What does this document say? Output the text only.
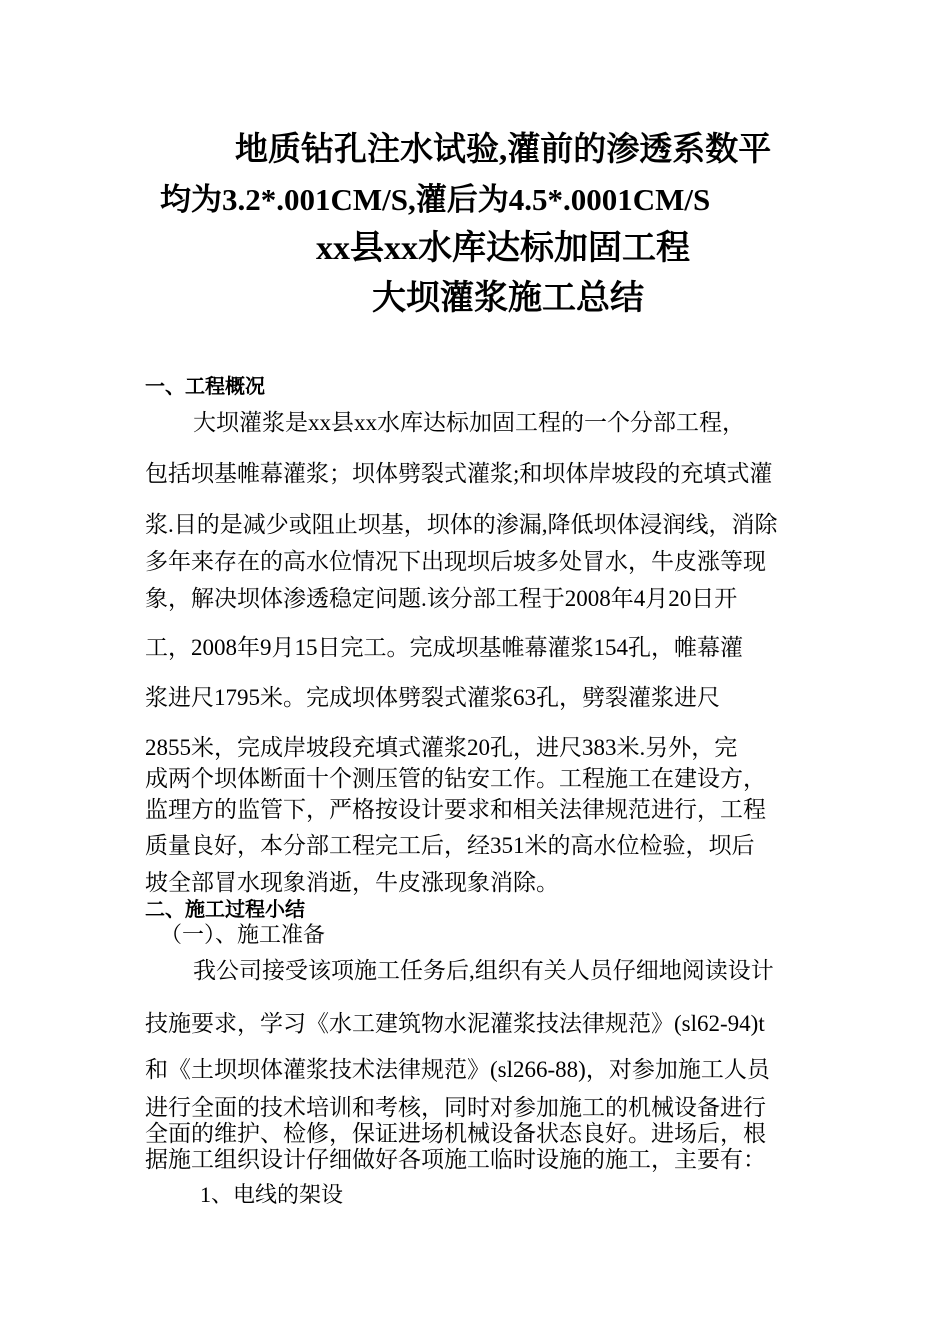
地质钻孔注水试验,灌前的渗透系数平
均为3.2*.001CM/S,灌后为4.5*.0001CM/S
xx县xx水库达标加固工程
大坝灌浆施工总结
一、工程概况
大坝灌浆是xx县xx水库达标加固工程的一个分部工程，
包括坝基帷幕灌浆；坝体劈裂式灌浆;和坝体岸坡段的充填式灌
浆.目的是减少或阻止坝基，坝体的渗漏,降低坝体浸润线，消除
多年来存在的高水位情况下出现坝后坡多处冒水，牛皮涨等现
象，解决坝体渗透稳定问题.该分部工程于2008年4月20日开
工，2008年9月15日完工。完成坝基帷幕灌浆154孔，帷幕灌
浆进尺1795米。完成坝体劈裂式灌浆63孔，劈裂灌浆进尺
2855米，完成岸坡段充填式灌浆20孔，进尺383米.另外，完
成两个坝体断面十个测压管的钻安工作。工程施工在建设方，
监理方的监管下，严格按设计要求和相关法律规范进行，工程
质量良好，本分部工程完工后，经351米的高水位检验，坝后
坡全部冒水现象消逝，牛皮涨现象消除。
二、施工过程小结
（一）、施工准备
我公司接受该项施工任务后,组织有关人员仔细地阅读设计
技施要求，学习《水工建筑物水泥灌浆技法律规范》(sl62-94)t
和《土坝坝体灌浆技术法律规范》(sl266-88)，对参加施工人员
进行全面的技术培训和考核，同时对参加施工的机械设备进行
全面的维护、检修，保证进场机械设备状态良好。进场后，根
据施工组织设计仔细做好各项施工临时设施的施工，主要有：
1、电线的架设
